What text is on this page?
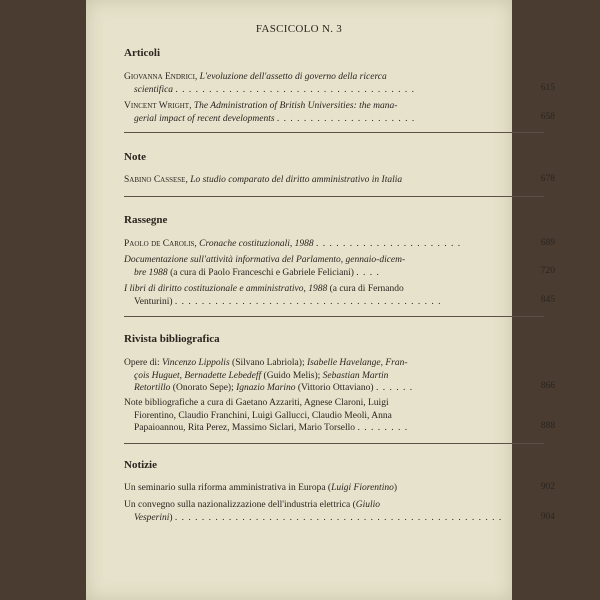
FASCICOLO N. 3
Articoli
Giovanna Endrici, L'evoluzione dell'assetto di governo della ricerca
scientifica . . . . . . . . . . . . . . . . . . . . . . . . . . . . . . . . . . . .	615
Vincent Wright, The Administration of British Universities: the mana-
gerial impact of recent developments . . . . . . . . . . . . . . . . . . . . .	658
Note
Sabino Cassese, Lo studio comparato del diritto amministrativo in Italia	678
Rassegne
Paolo de Carolis, Cronache costituzionali, 1988 . . . . . . . . . . . . . . . . . . . . . .	689
Documentazione sull'attività informativa del Parlamento, gennaio-dicem-
bre 1988 (a cura di Paolo Franceschi e Gabriele Feliciani) . . . .	720
I libri di diritto costituzionale e amministrativo, 1988 (a cura di Fernando
Venturini) . . . . . . . . . . . . . . . . . . . . . . . . . . . . . . . . . . . . . . . .	845
Rivista bibliografica
Opere di: Vincenzo Lippolis (Silvano Labriola); Isabelle Havelange, Fran-
çois Huguet, Bernadette Lebedeff (Guido Melis); Sebastian Martin
Retortillo (Onorato Sepe); Ignazio Marino (Vittorio Ottaviano) . . . . . .	866
Note bibliografiche a cura di Gaetano Azzariti, Agnese Claroni, Luigi
Fiorentino, Claudio Franchini, Luigi Gallucci, Claudio Meoli, Anna
Papaioannou, Rita Perez, Massimo Siclari, Mario Torsello . . . . . . . .	888
Notizie
Un seminario sulla riforma amministrativa in Europa (Luigi Fiorentino)	902
Un convegno sulla nazionalizzazione dell'industria elettrica (Giulio
Vesperini) . . . . . . . . . . . . . . . . . . . . . . . . . . . . . . . . . . . . . . . . . . . . . . . . .	904
